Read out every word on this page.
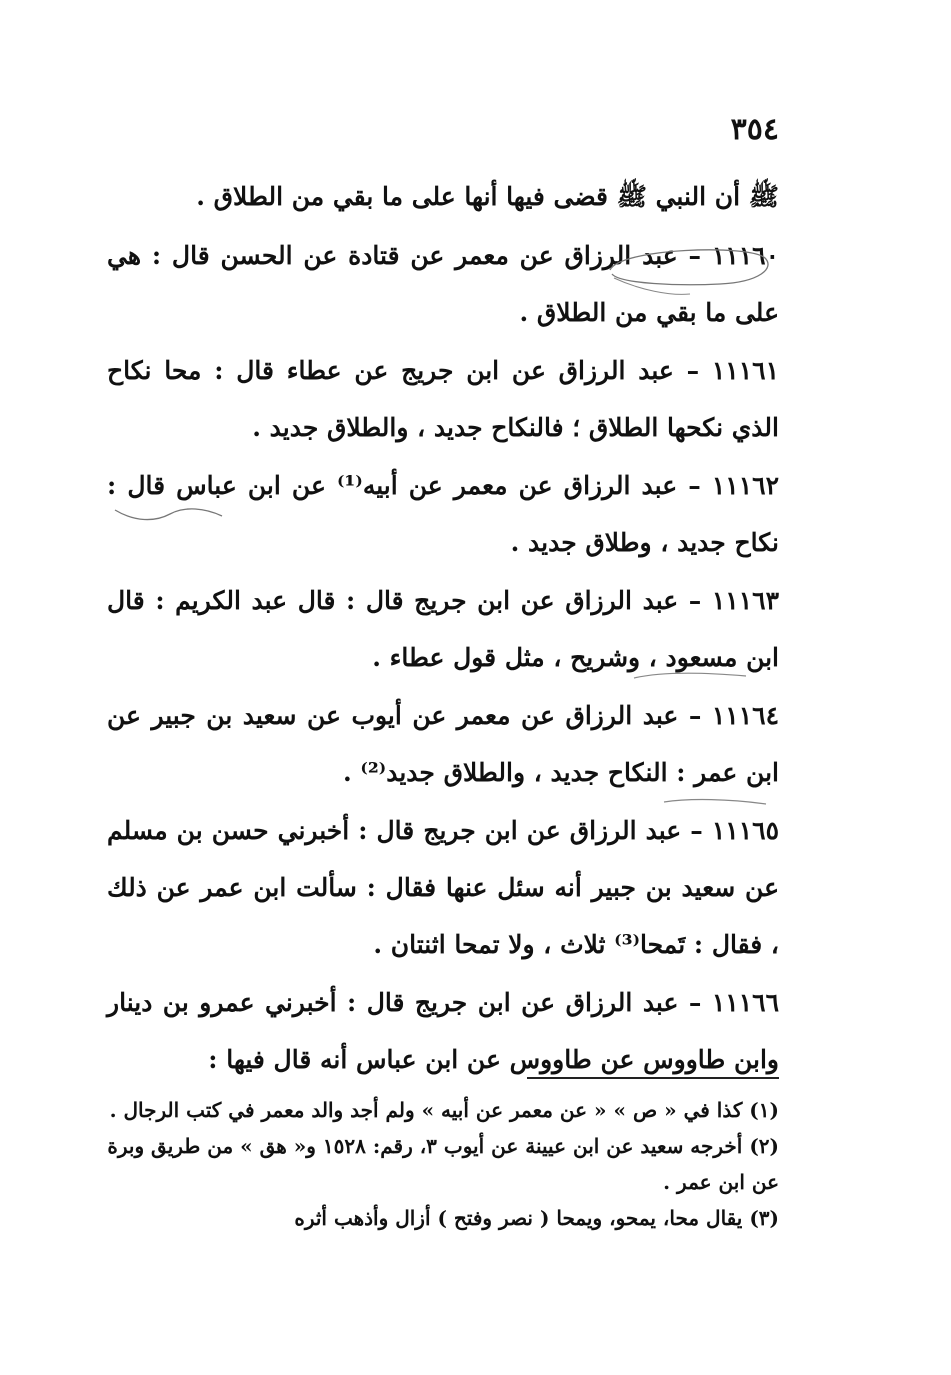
٣٥٤

ﷺ أن النبي ﷺ قضى فيها أنها على ما بقي من الطلاق .

١١١٦٠ – عبد الرزاق عن معمر عن قتادة عن الحسن قال : هي على ما بقي من الطلاق .

١١١٦١ – عبد الرزاق عن ابن جريج عن عطاء قال : محا نكاح الذي نكحها الطلاق ؛ فالنكاح جديد ، والطلاق جديد .

١١١٦٢ – عبد الرزاق عن معمر عن أبيه⁽¹⁾ عن ابن عباس قال : نكاح جديد ، وطلاق جديد .

١١١٦٣ – عبد الرزاق عن ابن جريج قال : قال عبد الكريم : قال ابن مسعود ، وشريح ، مثل قول عطاء .

١١١٦٤ – عبد الرزاق عن معمر عن أيوب عن سعيد بن جبير عن ابن عمر : النكاح جديد ، والطلاق جديد⁽²⁾ .

١١١٦٥ – عبد الرزاق عن ابن جريج قال : أخبرني حسن بن مسلم عن سعيد بن جبير أنه سئل عنها فقال : سألت ابن عمر عن ذلك ، فقال : تَمحا⁽³⁾ ثلاث ، ولا تمحا اثنتان .

١١١٦٦ – عبد الرزاق عن ابن جريج قال : أخبرني عمرو بن دينار وابن طاووس عن طاووس عن ابن عباس أنه قال فيها :

(١) كذا في « ص » « عن معمر عن أبيه » ولم أجد والد معمر في كتب الرجال .

(٢) أخرجه سعيد عن ابن عيينة عن أيوب ٣، رقم: ١٥٢٨ و« هق » من طريق وبرة عن ابن عمر .

(٣) يقال محا، يمحو، ويمحا ( نصر وفتح ) أزال وأذهب أثره
